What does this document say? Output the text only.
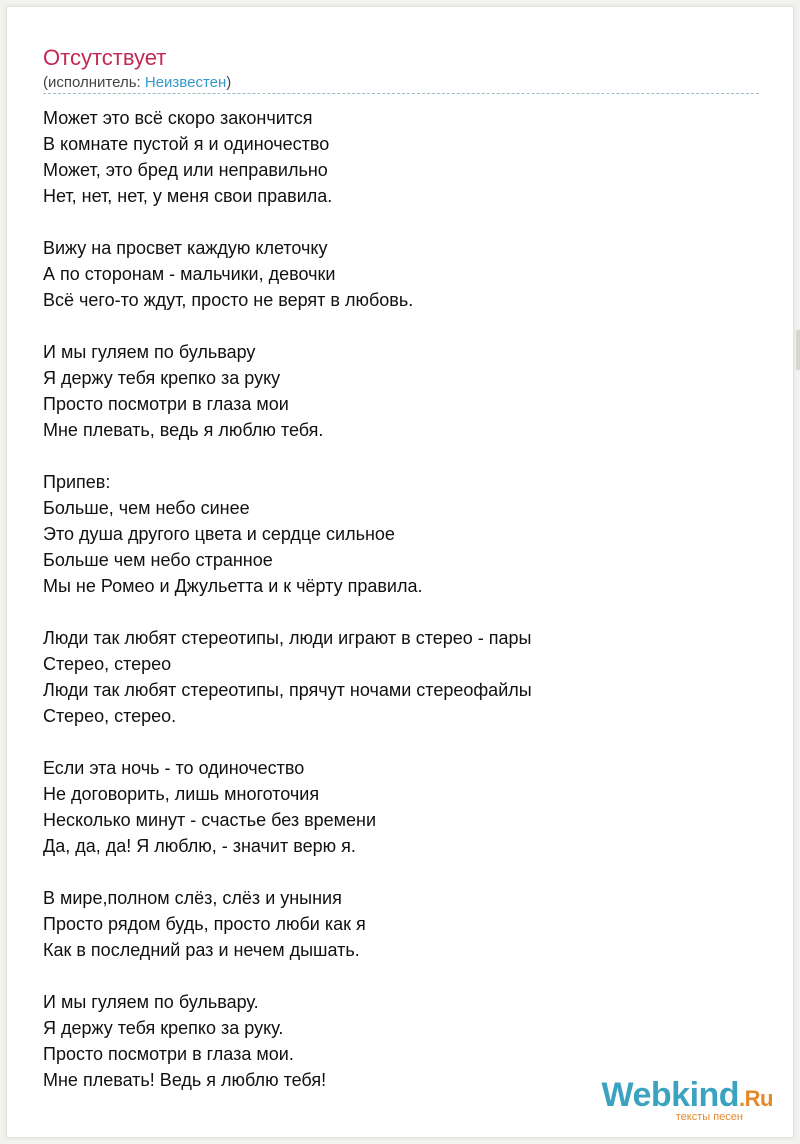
Отсутствует
(исполнитель: Неизвестен)
Может это всё скоро закончится
В комнате пустой я и одиночество
Может, это бред или неправильно
Нет, нет, нет, у меня свои правила.
Вижу на просвет каждую клеточку
А по сторонам - мальчики, девочки
Всё чего-то ждут, просто не верят в любовь.
И мы гуляем по бульвару
Я держу тебя крепко за руку
Просто посмотри в глаза мои
Мне плевать, ведь я люблю тебя.
Припев:
Больше, чем небо синее
Это душа другого цвета и сердце сильное
Больше чем небо странное
Мы не Ромео и Джульетта и к чёрту правила.
Люди так любят стереотипы, люди играют в стерео - пары
Стерео, стерео
Люди так любят стереотипы, прячут ночами стереофайлы
Стерео, стерео.
Если эта ночь - то одиночество
Не договорить, лишь многоточия
Несколько минут - счастье без времени
Да, да, да! Я люблю, - значит верю я.
В мире,полном слёз, слёз и уныния
Просто рядом будь, просто люби как я
Как в последний раз и нечем дышать.
И мы гуляем по бульвару.
Я держу тебя крепко за руку.
Просто посмотри в глаза мои.
Мне плевать! Ведь я люблю тебя!	Webkind.Ru
тексты песен
